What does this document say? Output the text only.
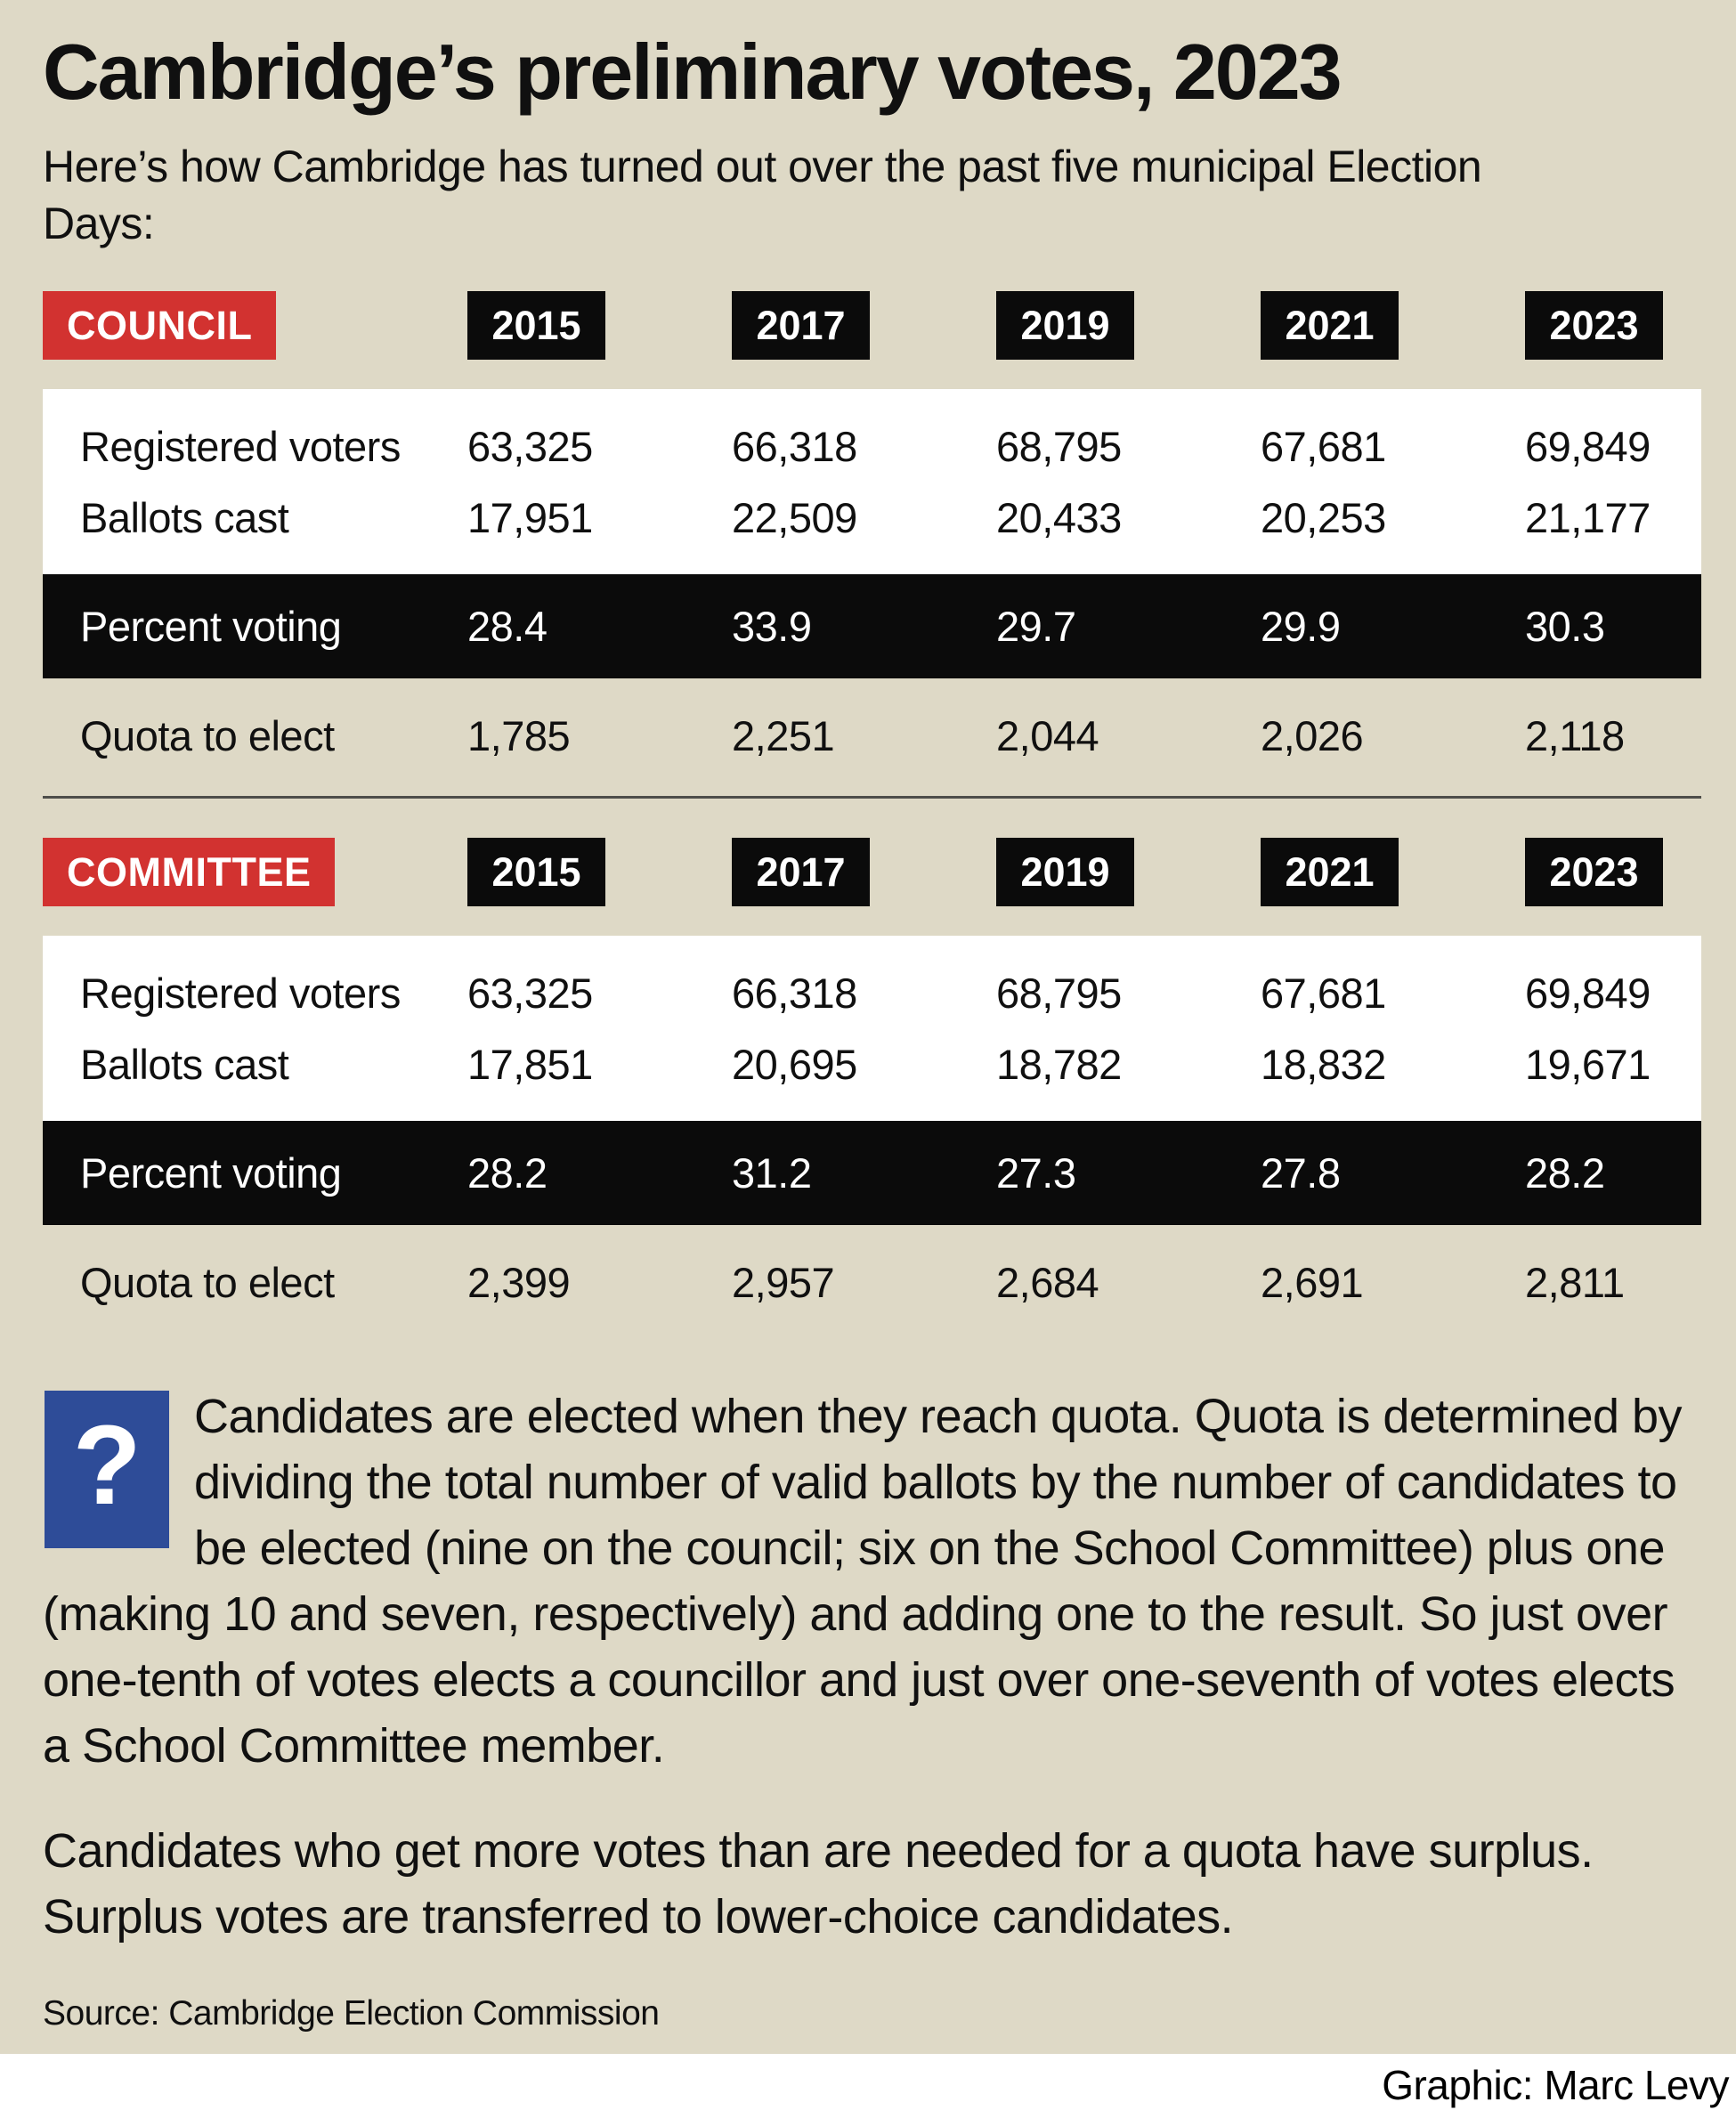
Cambridge’s preliminary votes, 2023

Here’s how Cambridge has turned out over the past five municipal Election Days:

COUNCIL	2015	2017	2019	2021	2023
Registered voters	63,325	66,318	68,795	67,681	69,849
Ballots cast	17,951	22,509	20,433	20,253	21,177
Percent voting	28.4	33.9	29.7	29.9	30.3
Quota to elect	1,785	2,251	2,044	2,026	2,118
COMMITTEE	2015	2017	2019	2021	2023
Registered voters	63,325	66,318	68,795	67,681	69,849
Ballots cast	17,851	20,695	18,782	18,832	19,671
Percent voting	28.2	31.2	27.3	27.8	28.2
Quota to elect	2,399	2,957	2,684	2,691	2,811
?	Candidates are elected when they reach quota. Quota is determined by dividing the total number of valid ballots by the number of candidates to be elected (nine on the council; six on the School Committee) plus one (making 10 and seven, respectively) and adding one to the result. So just over one-tenth of votes elects a councillor and just over one-seventh of votes elects a School Committee member.

Candidates who get more votes than are needed for a quota have surplus. Surplus votes are transferred to lower-choice candidates.

Source: Cambridge Election Commission

Graphic: Marc Levy
